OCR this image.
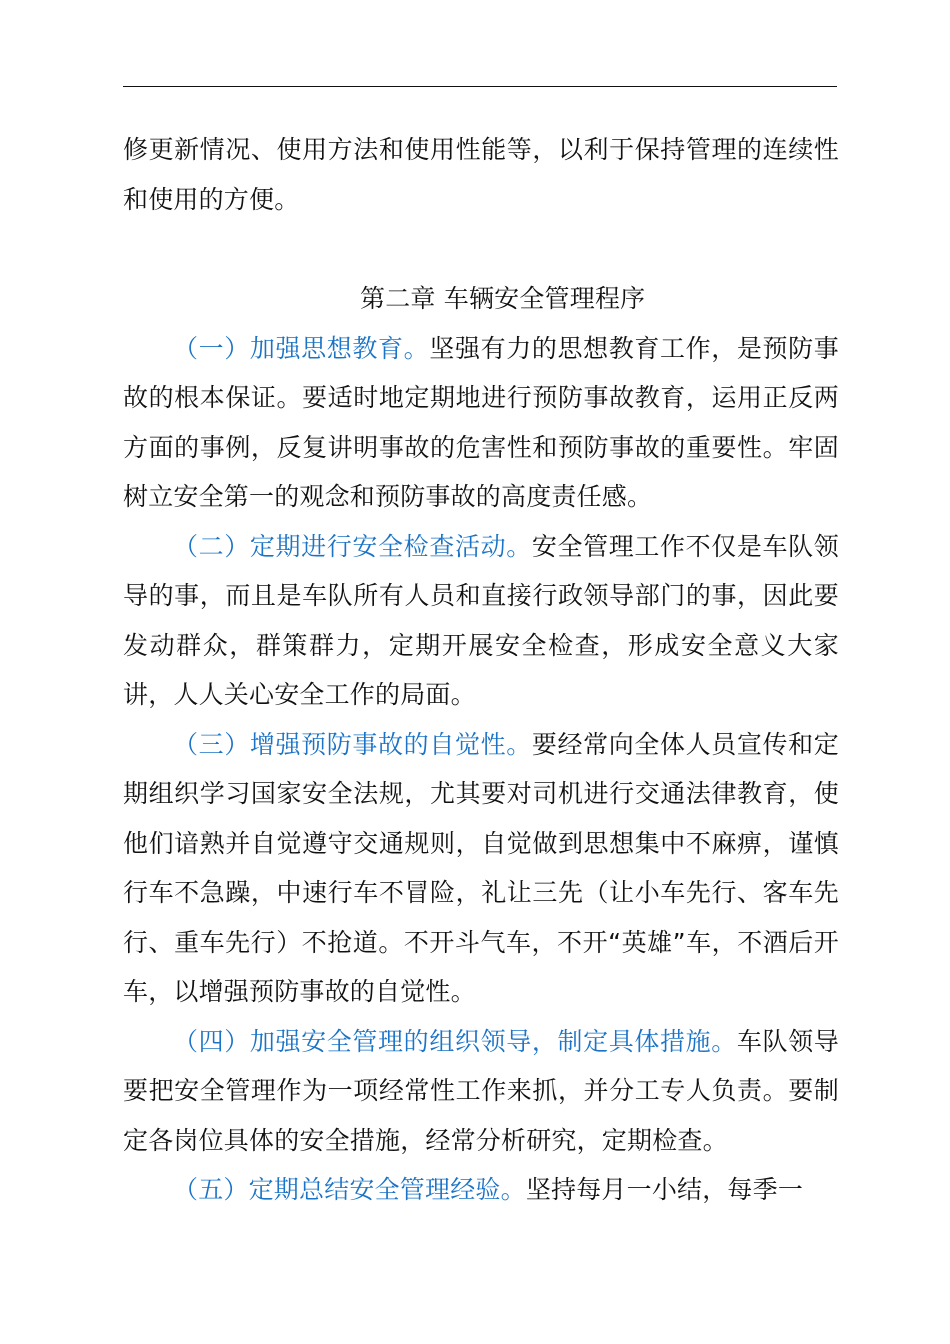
修更新情况、使用方法和使用性能等，以利于保持管理的连续性和使用的方便。

第二章 车辆安全管理程序

（一）加强思想教育。坚强有力的思想教育工作，是预防事故的根本保证。要适时地定期地进行预防事故教育，运用正反两方面的事例，反复讲明事故的危害性和预防事故的重要性。牢固树立安全第一的观念和预防事故的高度责任感。

（二）定期进行安全检查活动。安全管理工作不仅是车队领导的事，而且是车队所有人员和直接行政领导部门的事，因此要发动群众，群策群力，定期开展安全检查，形成安全意义大家讲，人人关心安全工作的局面。

（三）增强预防事故的自觉性。要经常向全体人员宣传和定期组织学习国家安全法规，尤其要对司机进行交通法律教育，使他们谙熟并自觉遵守交通规则，自觉做到思想集中不麻痹，谨慎行车不急躁，中速行车不冒险，礼让三先（让小车先行、客车先行、重车先行）不抢道。不开斗气车，不开“英雄”车，不酒后开车，以增强预防事故的自觉性。

（四）加强安全管理的组织领导，制定具体措施。车队领导要把安全管理作为一项经常性工作来抓，并分工专人负责。要制定各岗位具体的安全措施，经常分析研究，定期检查。

（五）定期总结安全管理经验。坚持每月一小结，每季一
